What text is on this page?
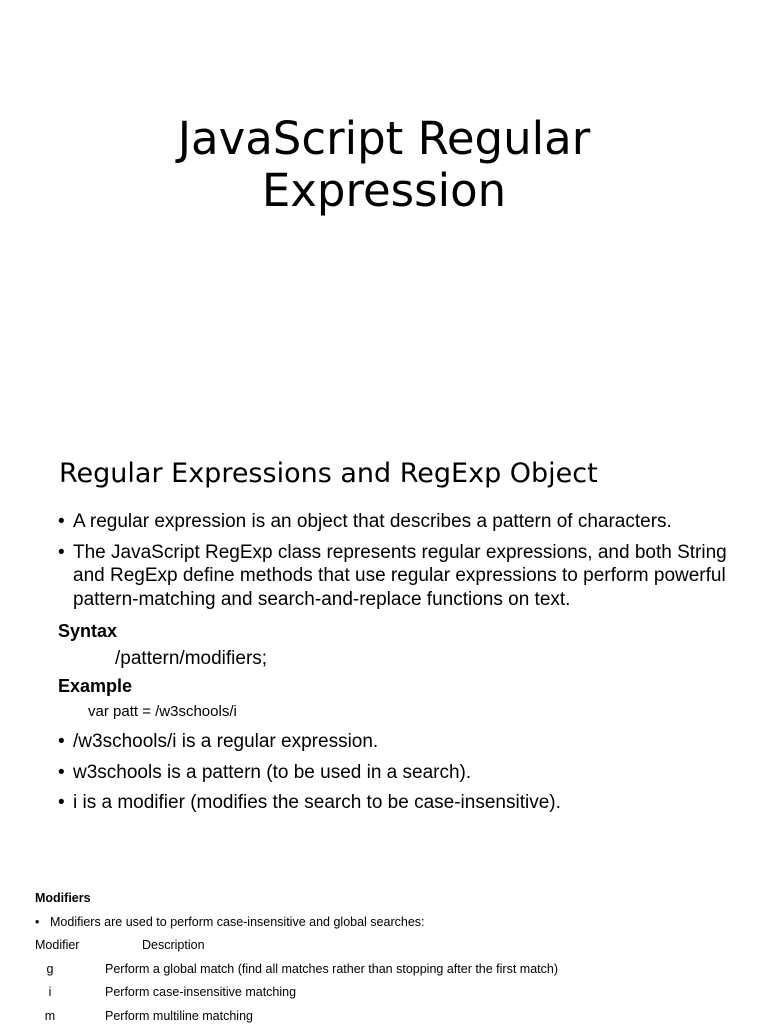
JavaScript Regular
Expression
Regular Expressions and RegExp Object
• A regular expression is an object that describes a pattern of characters.
• The JavaScript RegExp class represents regular expressions, and both String and RegExp define methods that use regular expressions to perform powerful pattern-matching and search-and-replace functions on text.

Syntax

/pattern/modifiers;

Example

var patt = /w3schools/i

• /w3schools/i is a regular expression.
• w3schools is a pattern (to be used in a search).
• i is a modifier (modifies the search to be case-insensitive).

Modifiers

• Modifiers are used to perform case-insensitive and global searches:

Modifier	Description
g	Perform a global match (find all matches rather than stopping after the first match)
i	Perform case-insensitive matching
m	Perform multiline matching
